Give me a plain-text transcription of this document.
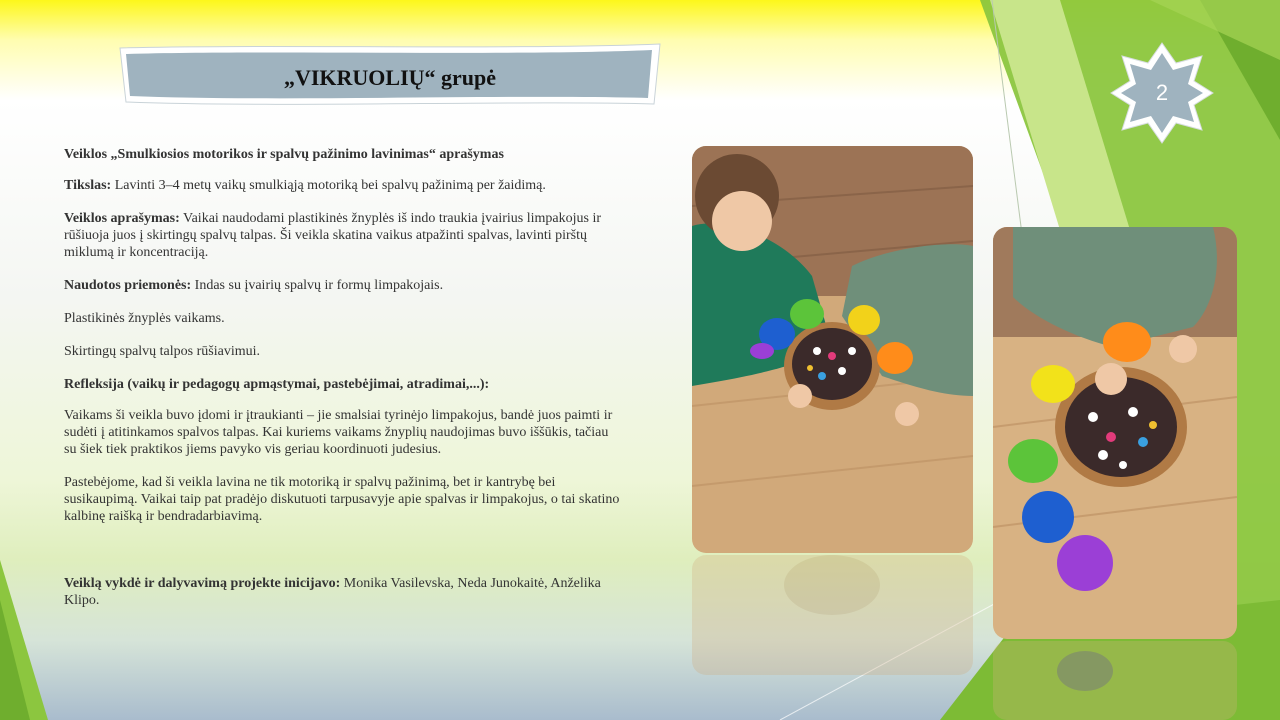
„VIKRUOLIŲ“ grupė
2

Veiklos „Smulkiosios motorikos ir spalvų pažinimo lavinimas“ aprašymas

Tikslas: Lavinti 3–4 metų vaikų smulkiąją motoriką bei spalvų pažinimą per žaidimą.

Veiklos aprašymas: Vaikai naudodami plastikinės žnyplės iš indo traukia įvairius limpakojus ir rūšiuoja juos į skirtingų spalvų talpas. Ši veikla skatina vaikus atpažinti spalvas, lavinti pirštų miklumą ir koncentraciją.

Naudotos priemonės: Indas su įvairių spalvų ir formų limpakojais.

Plastikinės žnyplės vaikams.

Skirtingų spalvų talpos rūšiavimui.

Refleksija (vaikų ir pedagogų apmąstymai, pastebėjimai, atradimai,...):

Vaikams ši veikla buvo įdomi ir įtraukianti – jie smalsiai tyrinėjo limpakojus, bandė juos paimti ir sudėti į atitinkamos spalvos talpas. Kai kuriems vaikams žnyplių naudojimas buvo iššūkis, tačiau su šiek tiek praktikos jiems pavyko vis geriau koordinuoti judesius.

Pastebėjome, kad ši veikla lavina ne tik motoriką ir spalvų pažinimą, bet ir kantrybę bei susikaupimą. Vaikai taip pat pradėjo diskutuoti tarpusavyje apie spalvas ir limpakojus, o tai skatino kalbinę raišką ir bendradarbiavimą.

Veiklą vykdė ir dalyvavimą projekte inicijavo: Monika Vasilevska, Neda Junokaitė, Anželika Klipo.
